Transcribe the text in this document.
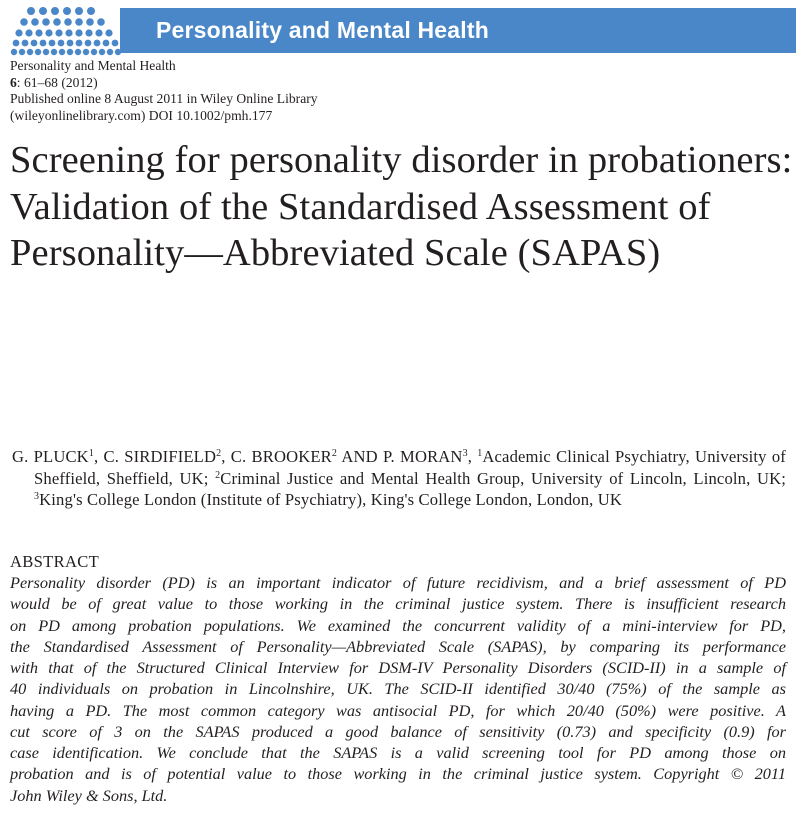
Personality and Mental Health
Personality and Mental Health
6: 61–68 (2012)
Published online 8 August 2011 in Wiley Online Library
(wileyonlinelibrary.com) DOI 10.1002/pmh.177
Screening for personality disorder in probationers: Validation of the Standardised Assessment of Personality—Abbreviated Scale (SAPAS)
G. PLUCK$^1$, C. SIRDIFIELD$^2$, C. BROOKER$^2$ AND P. MORAN$^3$, $^1$Academic Clinical Psychiatry, University of Sheffield, Sheffield, UK; $^2$Criminal Justice and Mental Health Group, University of Lincoln, Lincoln, UK; $^3$King's College London (Institute of Psychiatry), King's College London, London, UK
ABSTRACT
Personality disorder (PD) is an important indicator of future recidivism, and a brief assessment of PD
would be of great value to those working in the criminal justice system. There is insufficient research
on PD among probation populations. We examined the concurrent validity of a mini-interview for PD,
the Standardised Assessment of Personality—Abbreviated Scale (SAPAS), by comparing its performance
with that of the Structured Clinical Interview for DSM-IV Personality Disorders (SCID-II) in a sample of
40 individuals on probation in Lincolnshire, UK. The SCID-II identified 30/40 (75%) of the sample as
having a PD. The most common category was antisocial PD, for which 20/40 (50%) were positive. A
cut score of 3 on the SAPAS produced a good balance of sensitivity (0.73) and specificity (0.9) for
case identification. We conclude that the SAPAS is a valid screening tool for PD among those on
probation and is of potential value to those working in the criminal justice system. Copyright © 2011
John Wiley & Sons, Ltd.
